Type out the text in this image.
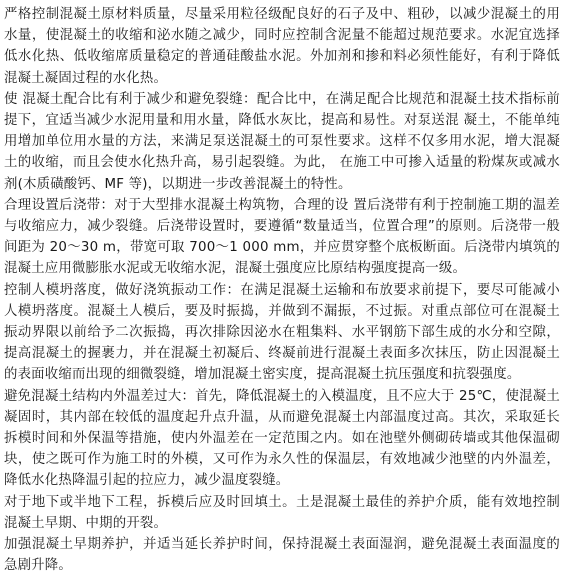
严格控制混凝土原材料质量，尽量采用粒径级配良好的石子及中、粗砂，以减少混凝土的用水量，使混凝土的收缩和泌水随之减少，同时应控制含泥量不能超过规范要求。水泥宜选择低水化热、低收缩席质量稳定的普通硅酸盐水泥。外加剂和掺和料必须性能好，有利于降低混凝土凝固过程的水化热。

使 混凝土配合比有利于减少和避免裂缝：配合比中，在满足配合比规范和混凝土技术指标前提下，宜适当减少水泥用量和用水量，降低水灰比，提高和易性。对泵送混 凝土，不能单纯用增加单位用水量的方法，来满足泵送混凝土的可泵性要求。这样不仅多用水泥，增大混凝土的收缩，而且会使水化热升高，易引起裂缝。为此， 在施工中可掺入适量的粉煤灰或减水剂(木质磺酸钙、MF 等)，以期进一步改善混凝土的特性。

合理设置后浇带：对于大型排水混凝土构筑物，合理的设 置后浇带有利于控制施工期的温差与收缩应力，减少裂缝。后浇带设置时，要遵循“数量适当，位置合理”的原则。后浇带一般间距为 20～30 m，带宽可取 700～1 000 mm，并应贯穿整个底板断面。后浇带内填筑的混凝土应用微膨胀水泥或无收缩水泥，混凝土强度应比原结构强度提高一级。

控制人模坍落度，做好浇筑振动工作：在满足混凝土运输和布放要求前提下，要尽可能减小人模坍落度。混凝土人模后，要及时振捣，并做到不漏振，不过振。对重点部位可在混凝土振动界限以前给予二次振捣，再次排除因泌水在粗集料、水平钢筋下部生成的水分和空隙，提高混凝土的握裹力，并在混凝土初凝后、终凝前进行混凝土表面多次抹压，防止因混凝土的表面收缩而出现的细微裂缝，增加混凝土密实度，提高混凝土抗压强度和抗裂强度。

避免混凝土结构内外温差过大：首先，降低混凝土的入模温度，且不应大于 25℃，使混凝土凝固时，其内部在较低的温度起升点升温，从而避免混凝土内部温度过高。其次，采取延长拆模时间和外保温等措施，使内外温差在一定范围之内。如在池壁外侧砌砖墙或其他保温砌块，使之既可作为施工时的外模，又可作为永久性的保温层，有效地减少池壁的内外温差，降低水化热降温引起的拉应力，减少温度裂缝。

对于地下或半地下工程，拆模后应及时回填土。土是混凝土最佳的养护介质，能有效地控制混凝土早期、中期的开裂。

加强混凝土早期养护，并适当延长养护时间，保持混凝土表面湿润，避免混凝土表面温度的急剧升降。
